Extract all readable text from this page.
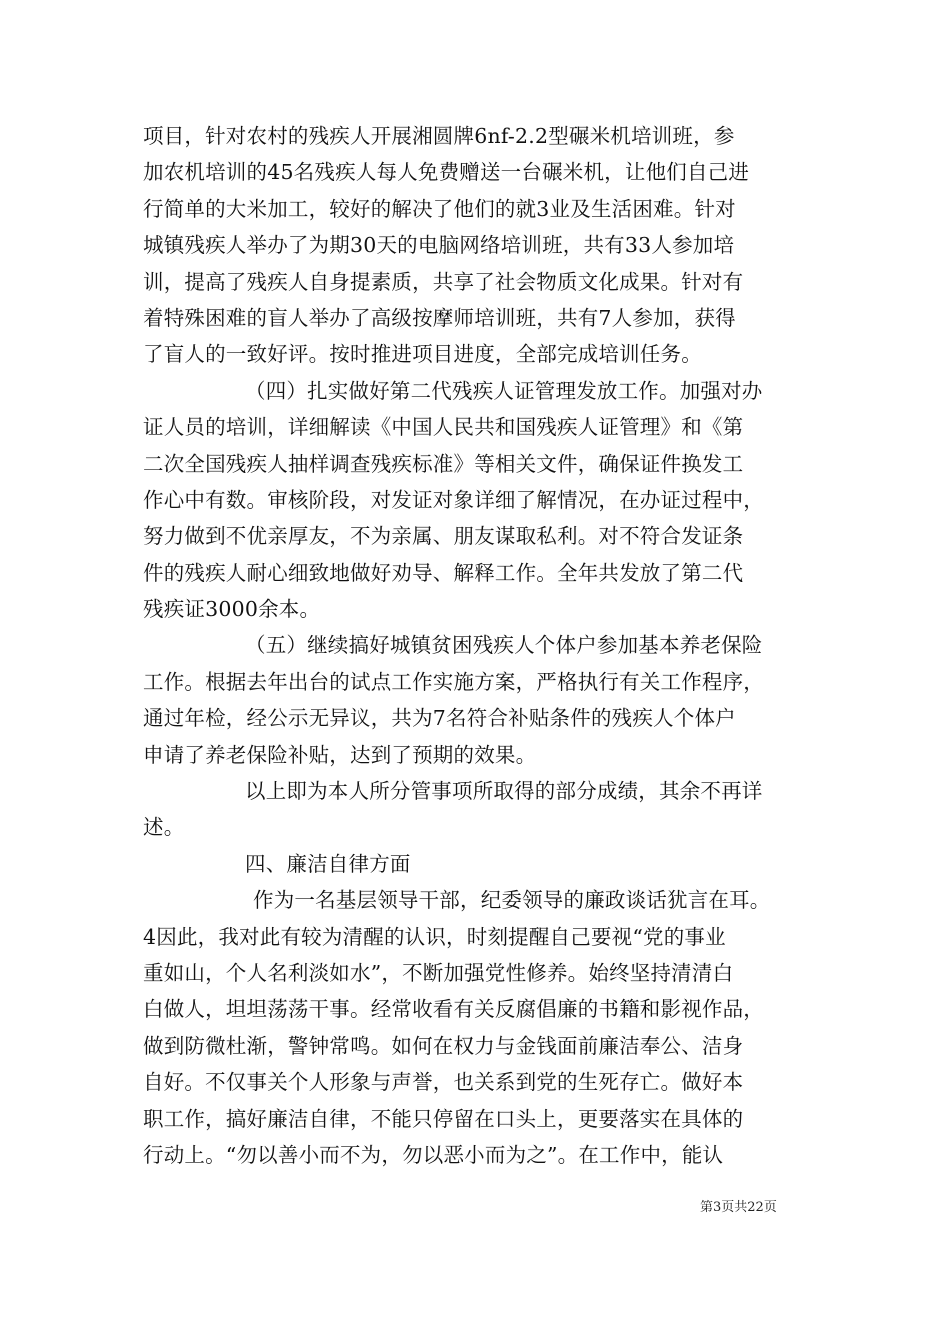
项目，针对农村的残疾人开展湘圆牌6nf-2.2型碾米机培训班，参
加农机培训的45名残疾人每人免费赠送一台碾米机，让他们自己进
行简单的大米加工，较好的解决了他们的就3业及生活困难。针对
城镇残疾人举办了为期30天的电脑网络培训班，共有33人参加培
训，提高了残疾人自身提素质，共享了社会物质文化成果。针对有
着特殊困难的盲人举办了高级按摩师培训班，共有7人参加，获得
了盲人的一致好评。按时推进项目进度，全部完成培训任务。
（四）扎实做好第二代残疾人证管理发放工作。加强对办
证人员的培训，详细解读《中国人民共和国残疾人证管理》和《第
二次全国残疾人抽样调查残疾标准》等相关文件，确保证件换发工
作心中有数。审核阶段，对发证对象详细了解情况，在办证过程中，
努力做到不优亲厚友，不为亲属、朋友谋取私利。对不符合发证条
件的残疾人耐心细致地做好劝导、解释工作。全年共发放了第二代
残疾证3000余本。
（五）继续搞好城镇贫困残疾人个体户参加基本养老保险
工作。根据去年出台的试点工作实施方案，严格执行有关工作程序，
通过年检，经公示无异议，共为7名符合补贴条件的残疾人个体户
申请了养老保险补贴，达到了预期的效果。
以上即为本人所分管事项所取得的部分成绩，其余不再详
述。
四、廉洁自律方面
作为一名基层领导干部，纪委领导的廉政谈话犹言在耳。
4因此，我对此有较为清醒的认识，时刻提醒自己要视“党的事业
重如山，个人名利淡如水”，不断加强党性修养。始终坚持清清白
白做人，坦坦荡荡干事。经常收看有关反腐倡廉的书籍和影视作品，
做到防微杜渐，警钟常鸣。如何在权力与金钱面前廉洁奉公、洁身
自好。不仅事关个人形象与声誉，也关系到党的生死存亡。做好本
职工作，搞好廉洁自律，不能只停留在口头上，更要落实在具体的
行动上。“勿以善小而不为，勿以恶小而为之”。在工作中，能认
第3页共22页
